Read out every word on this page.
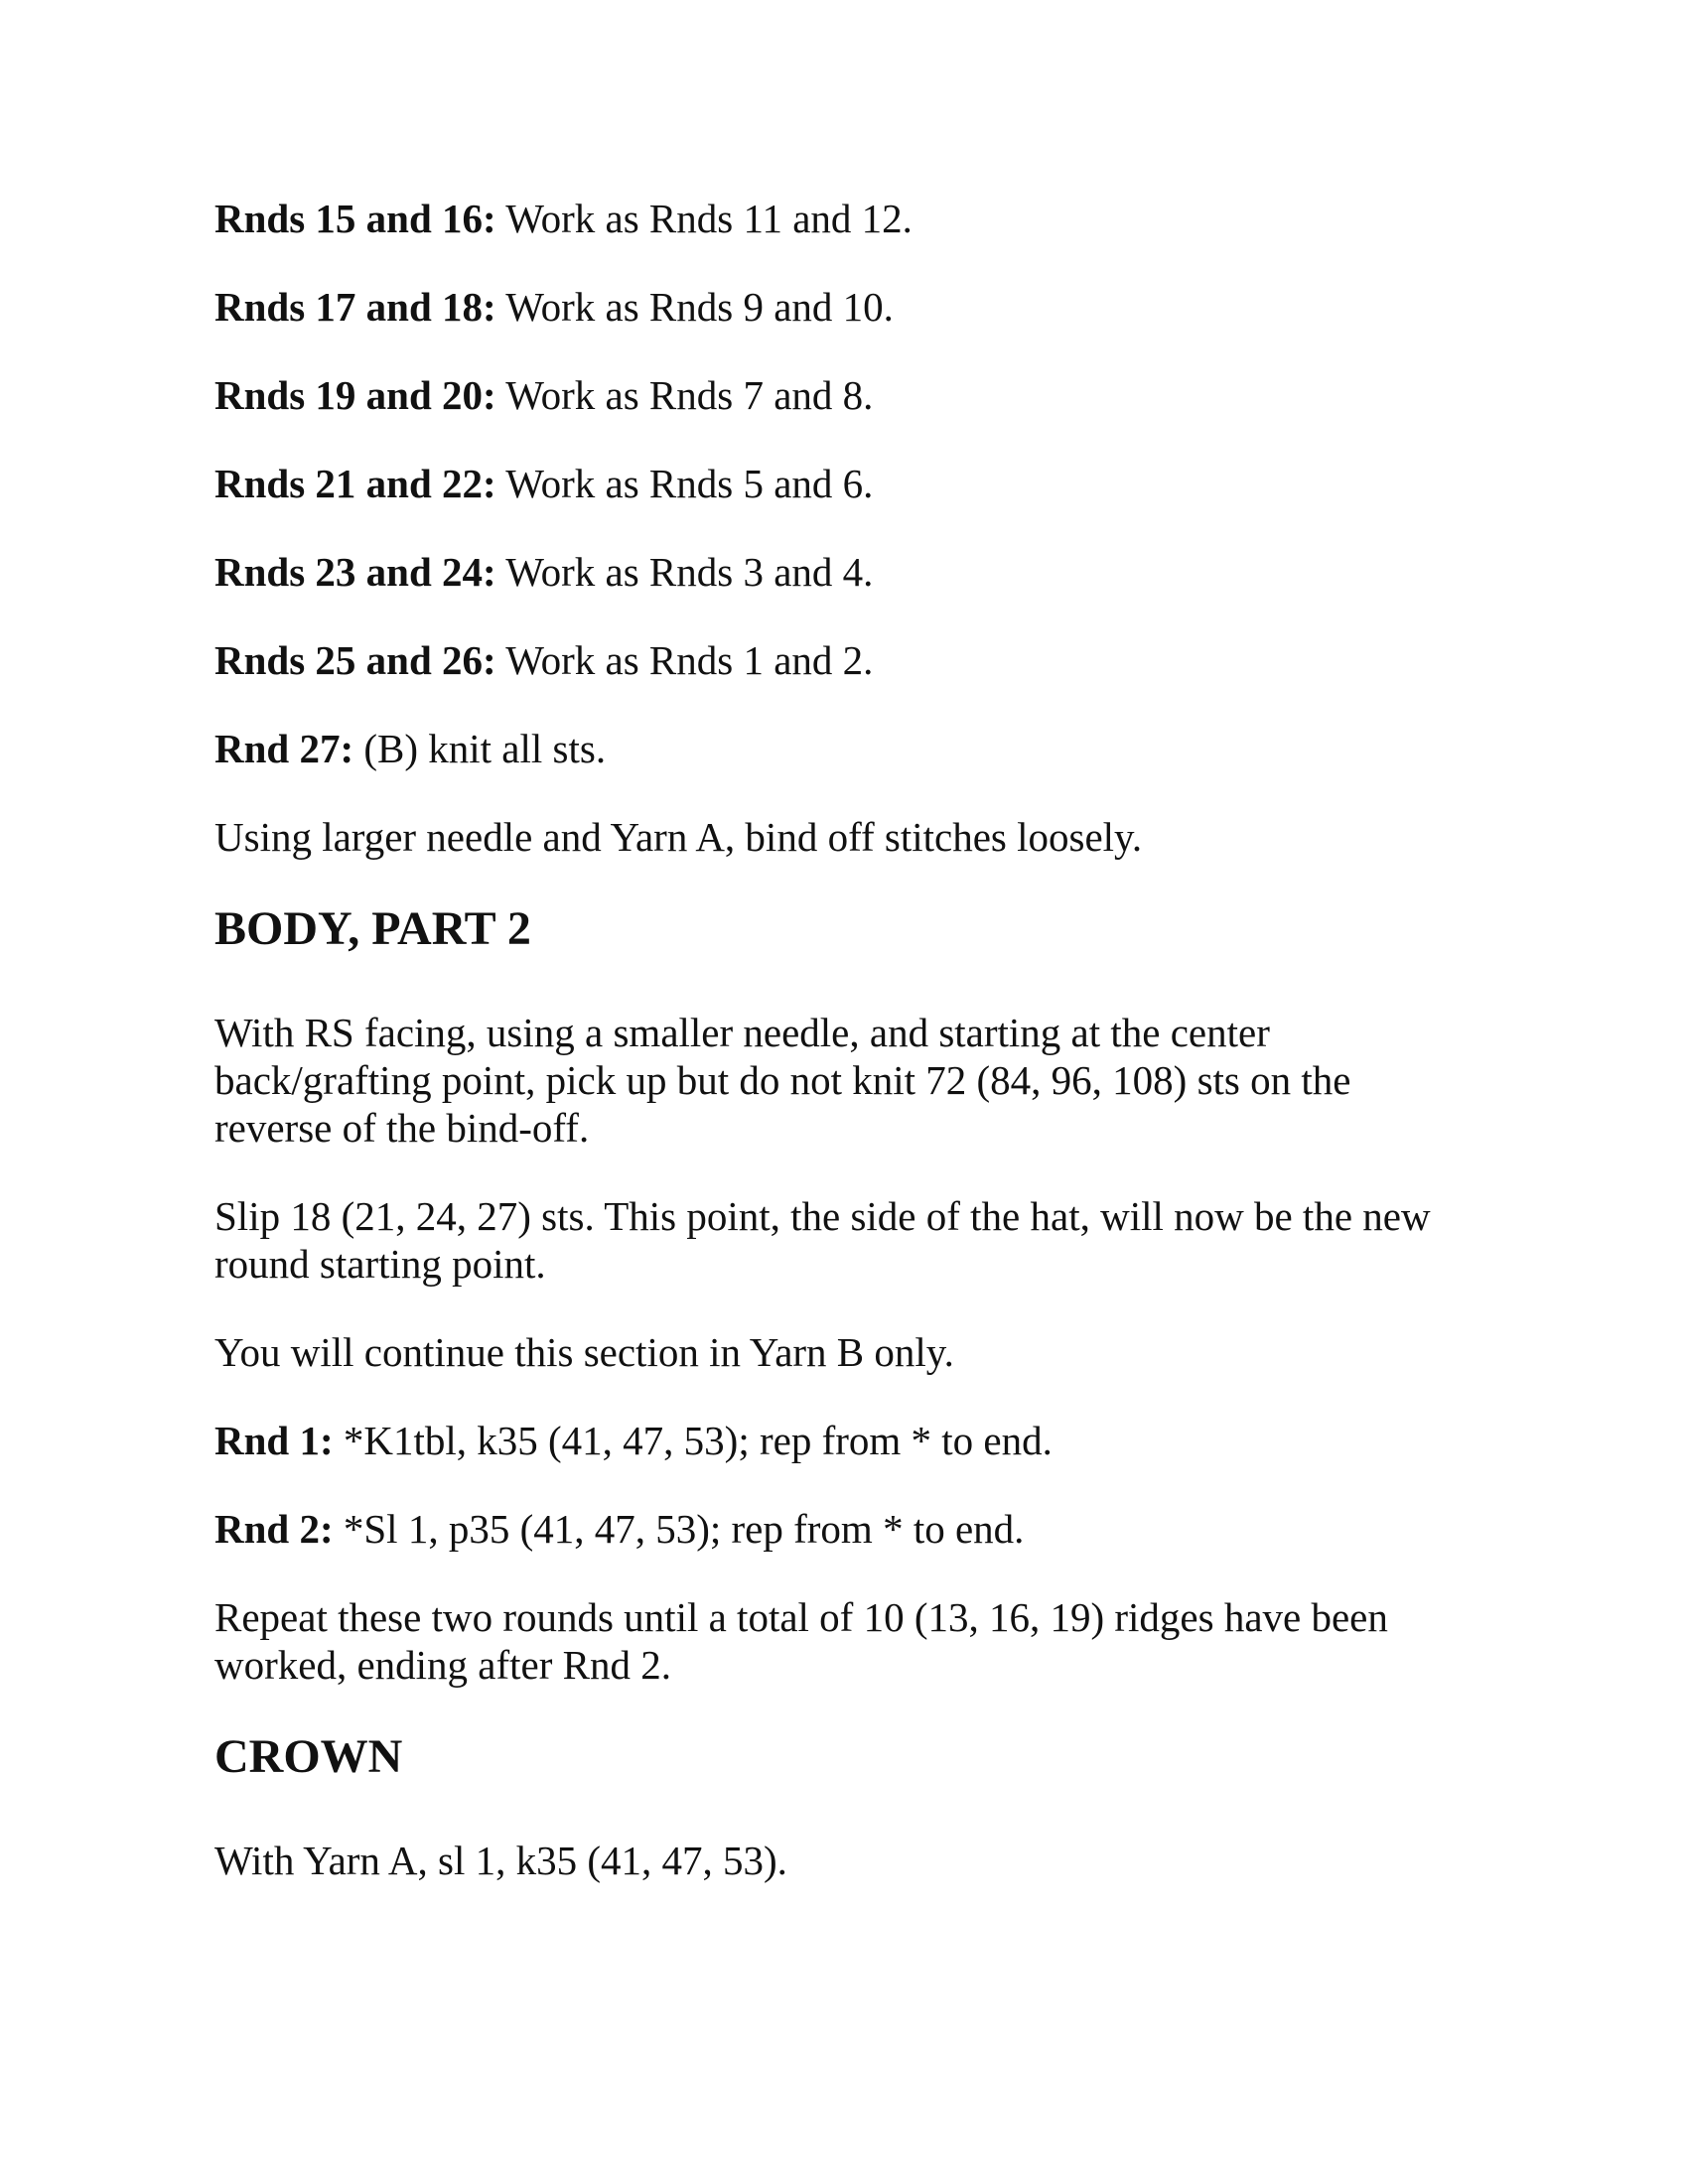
Rnds 15 and 16: Work as Rnds 11 and 12.

Rnds 17 and 18: Work as Rnds 9 and 10.

Rnds 19 and 20: Work as Rnds 7 and 8.

Rnds 21 and 22: Work as Rnds 5 and 6.

Rnds 23 and 24: Work as Rnds 3 and 4.

Rnds 25 and 26: Work as Rnds 1 and 2.

Rnd 27: (B) knit all sts.

Using larger needle and Yarn A, bind off stitches loosely.

BODY, PART 2

With RS facing, using a smaller needle, and starting at the center back/grafting point, pick up but do not knit 72 (84, 96, 108) sts on the reverse of the bind-off.

Slip 18 (21, 24, 27) sts. This point, the side of the hat, will now be the new round starting point.

You will continue this section in Yarn B only.

Rnd 1: *K1tbl, k35 (41, 47, 53); rep from * to end.

Rnd 2: *Sl 1, p35 (41, 47, 53); rep from * to end.

Repeat these two rounds until a total of 10 (13, 16, 19) ridges have been worked, ending after Rnd 2.

CROWN

With Yarn A, sl 1, k35 (41, 47, 53).
